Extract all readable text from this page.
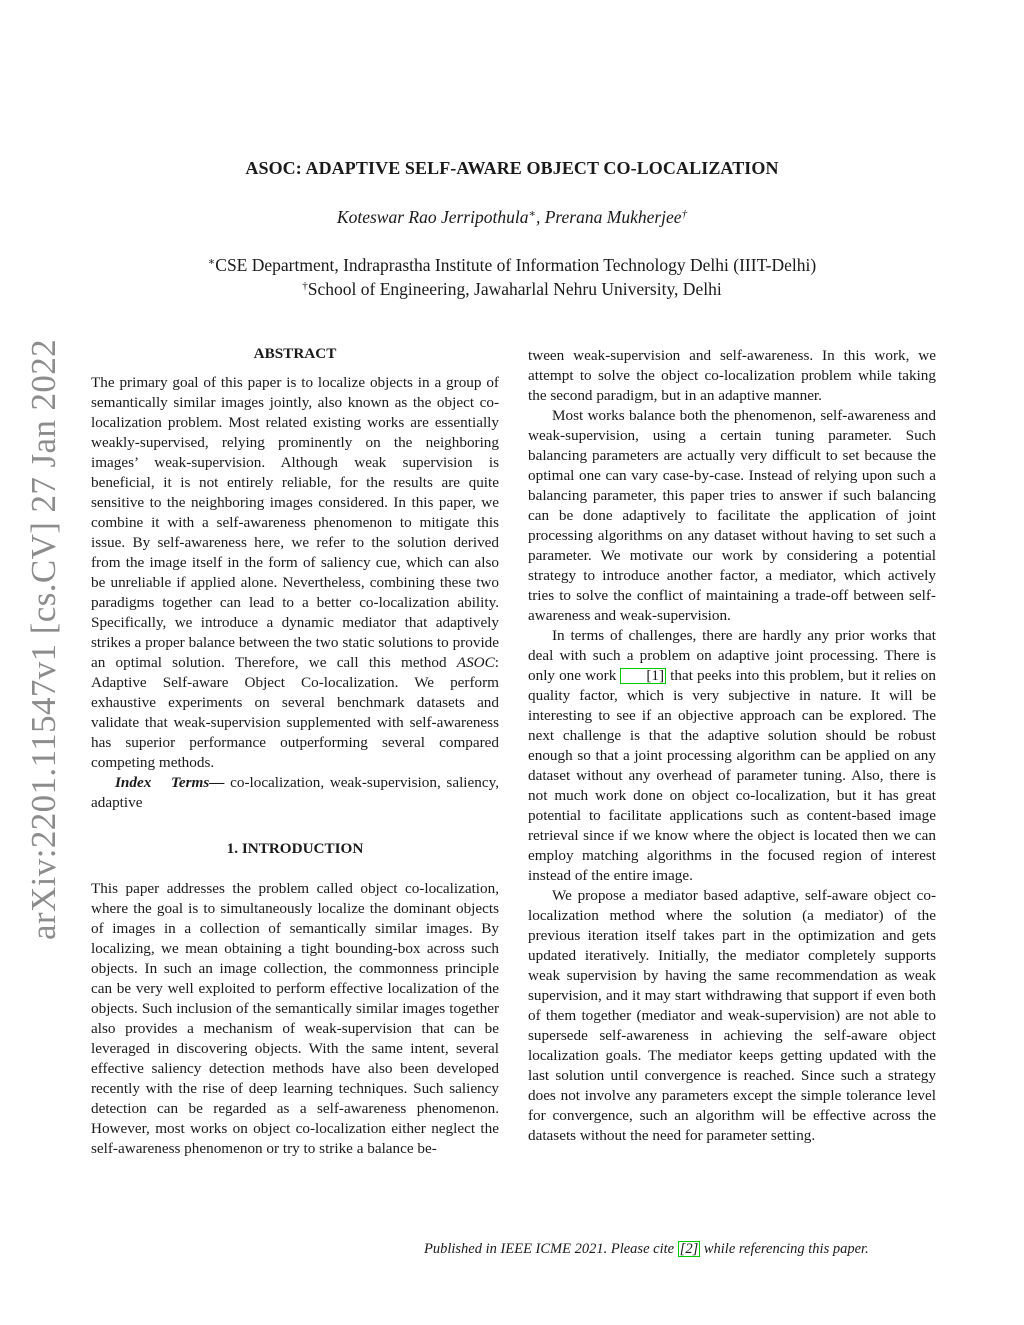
ASOC: ADAPTIVE SELF-AWARE OBJECT CO-LOCALIZATION
Koteswar Rao Jerripothula∗, Prerana Mukherjee†
∗CSE Department, Indraprastha Institute of Information Technology Delhi (IIIT-Delhi)
†School of Engineering, Jawaharlal Nehru University, Delhi
arXiv:2201.11547v1 [cs.CV] 27 Jan 2022	ABSTRACT

The primary goal of this paper is to localize objects in a group of semantically similar images jointly, also known as the object co-localization problem. Most related existing works are essentially weakly-supervised, relying prominently on the neighboring images’ weak-supervision. Although weak supervision is beneficial, it is not entirely reliable, for the results are quite sensitive to the neighboring images considered. In this paper, we combine it with a self-awareness phenomenon to mitigate this issue. By self-awareness here, we refer to the solution derived from the image itself in the form of saliency cue, which can also be unreliable if applied alone. Nevertheless, combining these two paradigms together can lead to a better co-localization ability. Specifically, we introduce a dynamic mediator that adaptively strikes a proper balance between the two static solutions to provide an optimal solution. Therefore, we call this method ASOC: Adaptive Self-aware Object Co-localization. We perform exhaustive experiments on several benchmark datasets and validate that weak-supervision supplemented with self-awareness has superior performance outperforming several compared competing methods.

Index Terms— co-localization, weak-supervision, saliency, adaptive

1. INTRODUCTION

This paper addresses the problem called object co-localization, where the goal is to simultaneously localize the dominant objects of images in a collection of semantically similar images. By localizing, we mean obtaining a tight bounding-box across such objects. In such an image collection, the commonness principle can be very well exploited to perform effective localization of the objects. Such inclusion of the semantically similar images together also provides a mechanism of weak-supervision that can be leveraged in discovering objects. With the same intent, several effective saliency detection methods have also been developed recently with the rise of deep learning techniques. Such saliency detection can be regarded as a self-awareness phenomenon. However, most works on object co-localization either neglect the self-awareness phenomenon or try to strike a balance be-

tween weak-supervision and self-awareness. In this work, we attempt to solve the object co-localization problem while taking the second paradigm, but in an adaptive manner.

Most works balance both the phenomenon, self-awareness and weak-supervision, using a certain tuning parameter. Such balancing parameters are actually very difficult to set because the optimal one can vary case-by-case. Instead of relying upon such a balancing parameter, this paper tries to answer if such balancing can be done adaptively to facilitate the application of joint processing algorithms on any dataset without having to set such a parameter. We motivate our work by considering a potential strategy to introduce another factor, a mediator, which actively tries to solve the conflict of maintaining a trade-off between self-awareness and weak-supervision.

In terms of challenges, there are hardly any prior works that deal with such a problem on adaptive joint processing. There is only one work [1] that peeks into this problem, but it relies on quality factor, which is very subjective in nature. It will be interesting to see if an objective approach can be explored. The next challenge is that the adaptive solution should be robust enough so that a joint processing algorithm can be applied on any dataset without any overhead of parameter tuning. Also, there is not much work done on object co-localization, but it has great potential to facilitate applications such as content-based image retrieval since if we know where the object is located then we can employ matching algorithms in the focused region of interest instead of the entire image.

We propose a mediator based adaptive, self-aware object co-localization method where the solution (a mediator) of the previous iteration itself takes part in the optimization and gets updated iteratively. Initially, the mediator completely supports weak supervision by having the same recommendation as weak supervision, and it may start withdrawing that support if even both of them together (mediator and weak-supervision) are not able to supersede self-awareness in achieving the self-aware object localization goals. The mediator keeps getting updated with the last solution until convergence is reached. Since such a strategy does not involve any parameters except the simple tolerance level for convergence, such an algorithm will be effective across the datasets without the need for parameter setting.

Published in IEEE ICME 2021. Please cite [2] while referencing this paper.
